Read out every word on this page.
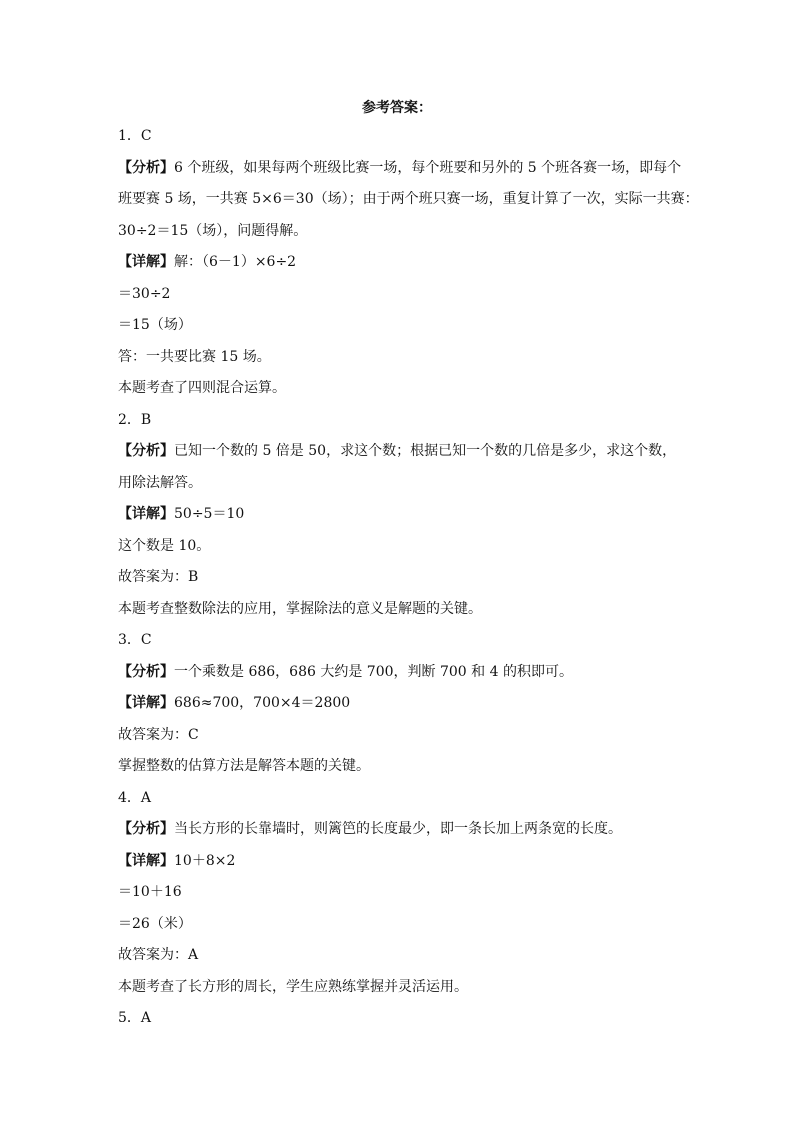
参考答案：
1．C
【分析】6 个班级，如果每两个班级比赛一场，每个班要和另外的 5 个班各赛一场，即每个
班要赛 5 场，一共赛 5×6＝30（场）；由于两个班只赛一场，重复计算了一次，实际一共赛：
30÷2＝15（场），问题得解。
【详解】解：（6－1）×6÷2
＝30÷2
＝15（场）
答：一共要比赛 15 场。
本题考查了四则混合运算。
2．B
【分析】已知一个数的 5 倍是 50，求这个数；根据已知一个数的几倍是多少，求这个数，
用除法解答。
【详解】50÷5＝10
这个数是 10。
故答案为：B
本题考查整数除法的应用，掌握除法的意义是解题的关键。
3．C
【分析】一个乘数是 686，686 大约是 700，判断 700 和 4 的积即可。
【详解】686≈700，700×4＝2800
故答案为：C
掌握整数的估算方法是解答本题的关键。
4．A
【分析】当长方形的长靠墙时，则篱笆的长度最少，即一条长加上两条宽的长度。
【详解】10＋8×2
＝10＋16
＝26（米）
故答案为：A
本题考查了长方形的周长，学生应熟练掌握并灵活运用。
5．A
